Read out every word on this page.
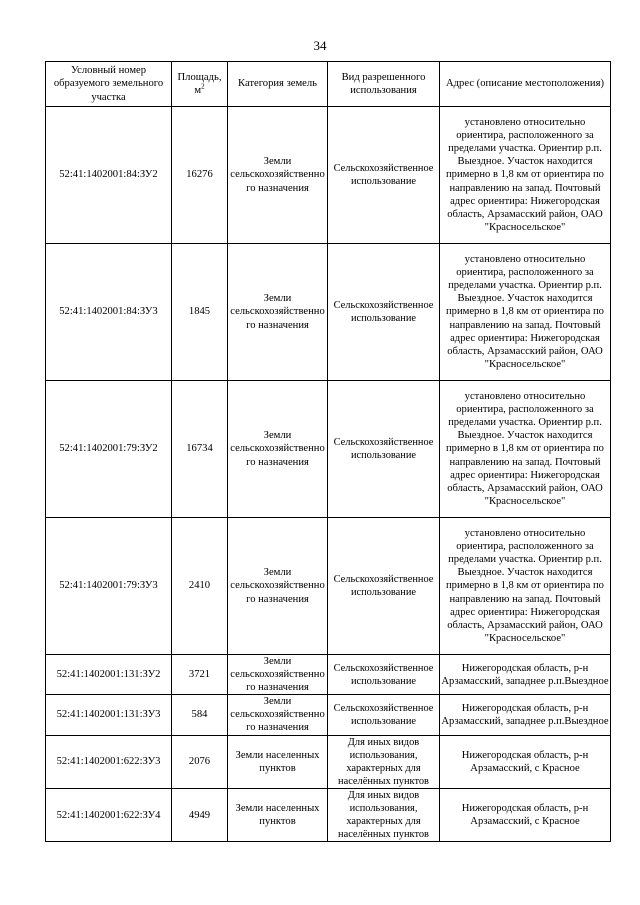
34
Условный номер образуемого земельного участка	Площадь, $м^2$	Категория земель	Вид разрешенного использования	Адрес (описание местоположения)
52:41:1402001:84:ЗУ2	16276	Земли сельскохозяйственного назначения	Сельскохозяйственное использование	установлено относительно ориентира, расположенного за пределами участка. Ориентир р.п. Выездное. Участок находится примерно в 1,8 км от ориентира по направлению на запад. Почтовый адрес ориентира: Нижегородская область, Арзамасский район, ОАО "Красносельское"
52:41:1402001:84:ЗУ3	1845	Земли сельскохозяйственного назначения	Сельскохозяйственное использование	установлено относительно ориентира, расположенного за пределами участка. Ориентир р.п. Выездное. Участок находится примерно в 1,8 км от ориентира по направлению на запад. Почтовый адрес ориентира: Нижегородская область, Арзамасский район, ОАО "Красносельское"
52:41:1402001:79:ЗУ2	16734	Земли сельскохозяйственного назначения	Сельскохозяйственное использование	установлено относительно ориентира, расположенного за пределами участка. Ориентир р.п. Выездное. Участок находится примерно в 1,8 км от ориентира по направлению на запад. Почтовый адрес ориентира: Нижегородская область, Арзамасский район, ОАО "Красносельское"
52:41:1402001:79:ЗУ3	2410	Земли сельскохозяйственного назначения	Сельскохозяйственное использование	установлено относительно ориентира, расположенного за пределами участка. Ориентир р.п. Выездное. Участок находится примерно в 1,8 км от ориентира по направлению на запад. Почтовый адрес ориентира: Нижегородская область, Арзамасский район, ОАО "Красносельское"
52:41:1402001:131:ЗУ2	3721	Земли сельскохозяйственного назначения	Сельскохозяйственное использование	Нижегородская область, р-н Арзамасский, западнее р.п.Выездное
52:41:1402001:131:ЗУ3	584	Земли сельскохозяйственного назначения	Сельскохозяйственное использование	Нижегородская область, р-н Арзамасский, западнее р.п.Выездное
52:41:1402001:622:ЗУ3	2076	Земли населенных пунктов	Для иных видов использования, характерных для населённых пунктов	Нижегородская область, р-н Арзамасский, с Красное
52:41:1402001:622:ЗУ4	4949	Земли населенных пунктов	Для иных видов использования, характерных для населённых пунктов	Нижегородская область, р-н Арзамасский, с Красное
